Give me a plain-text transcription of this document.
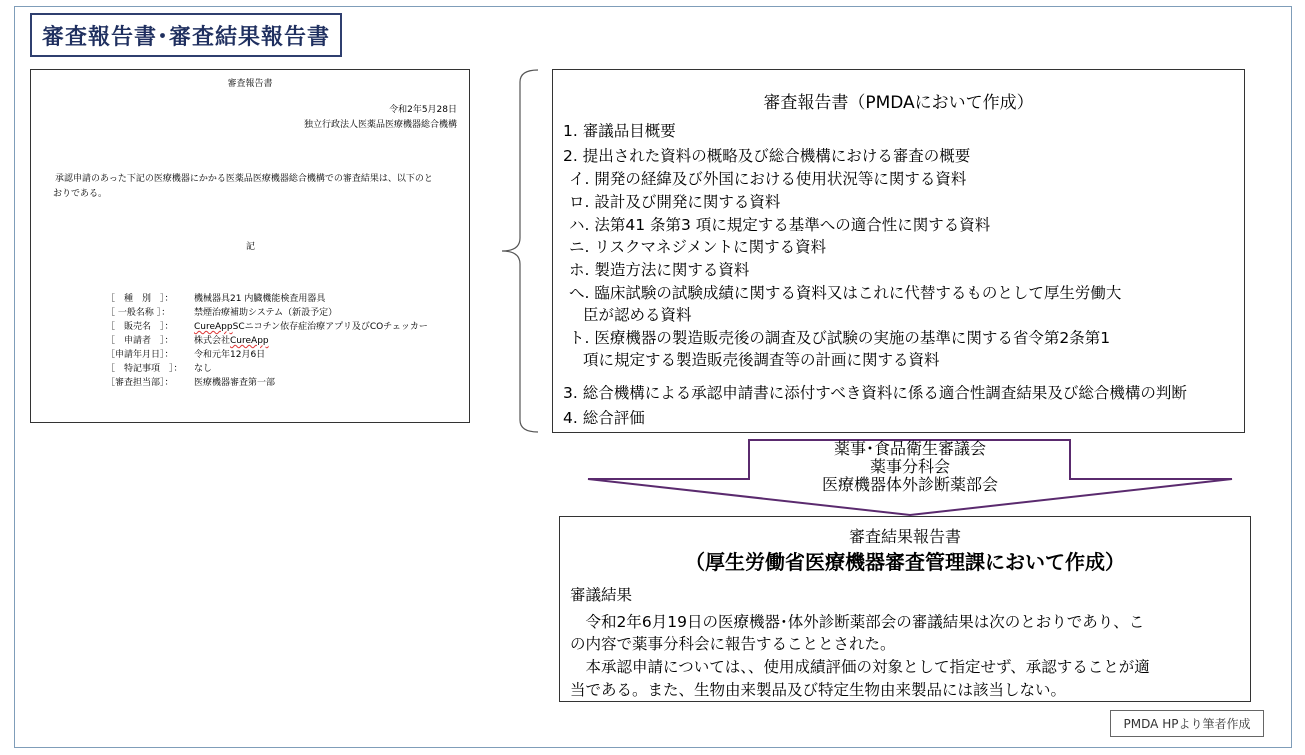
審査報告書･審査結果報告書
審査報告書
令和2年5月28日
独立行政法人医薬品医療機器総合機構
承認申請のあった下記の医療機器にかかる医薬品医療機器総合機構での審査結果は、以下のと
おりである。
記
［　種　別　］：	機械器具21 内臓機能検査用器具
［ 一般名称 ］：	禁煙治療補助システム（新設予定）
［　販売名　］：	CureApp SCニコチン依存症治療アプリ及びCOチェッカー
［　申請者　］：	株式会社 CureApp
［申請年月日］：	令和元年12月6日
［　特記事項　］：	なし
［審査担当部］：	医療機器審査第一部
審査報告書（PMDAにおいて作成）
1. 審議品目概要
2. 提出された資料の概略及び総合機構における審査の概要
イ. 開発の経緯及び外国における使用状況等に関する資料
ロ. 設計及び開発に関する資料
ハ. 法第41 条第3 項に規定する基準への適合性に関する資料
ニ. リスクマネジメントに関する資料
ホ. 製造方法に関する資料
へ. 臨床試験の試験成績に関する資料又はこれに代替するものとして厚生労働大
臣が認める資料
ト. 医療機器の製造販売後の調査及び試験の実施の基準に関する省令第2条第1
項に規定する製造販売後調査等の計画に関する資料
3. 総合機構による承認申請書に添付すべき資料に係る適合性調査結果及び総合機構の判断
4. 総合評価
薬事･食品衛生審議会
薬事分科会
医療機器体外診断薬部会
審査結果報告書
（厚生労働省医療機器審査管理課において作成）
審議結果
　令和2年6月19日の医療機器･体外診断薬部会の審議結果は次のとおりであり、こ
の内容で薬事分科会に報告することとされた。
　本承認申請については、、使用成績評価の対象として指定せず、承認することが適
当である。また、生物由来製品及び特定生物由来製品には該当しない。
PMDA HPより筆者作成
